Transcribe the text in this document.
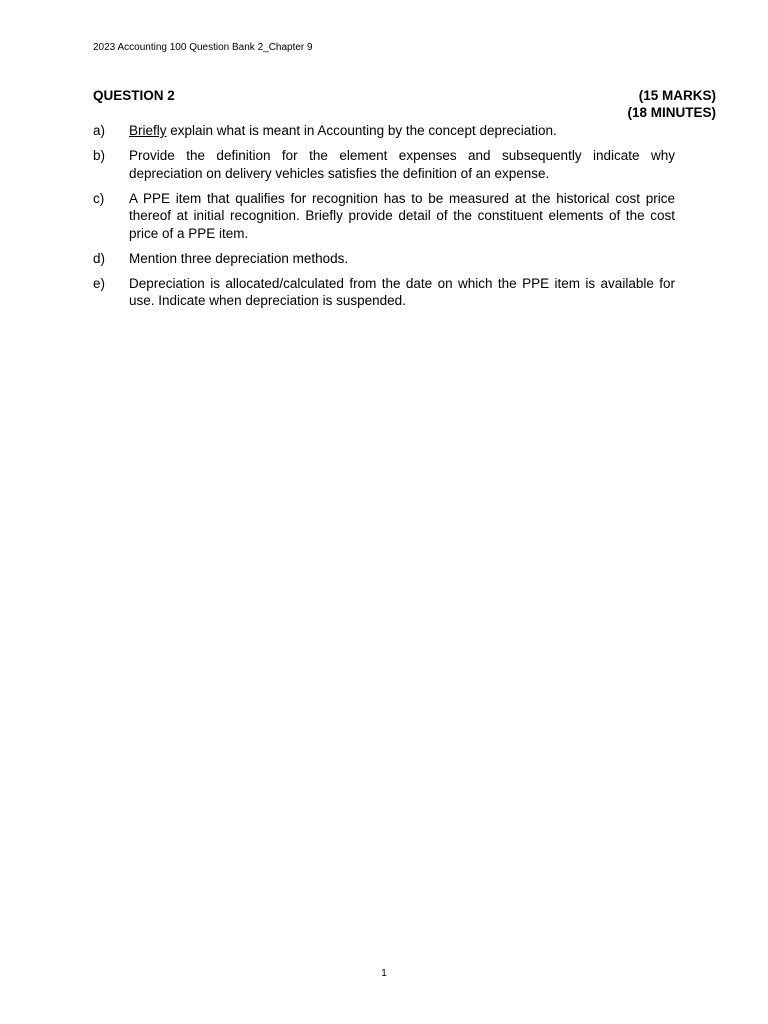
2023 Accounting 100 Question Bank 2_Chapter 9
QUESTION 2	(15 MARKS)
(18 MINUTES)
a)	Briefly explain what is meant in Accounting by the concept depreciation.
b)	Provide the definition for the element expenses and subsequently indicate why depreciation on delivery vehicles satisfies the definition of an expense.
c)	A PPE item that qualifies for recognition has to be measured at the historical cost price thereof at initial recognition. Briefly provide detail of the constituent elements of the cost price of a PPE item.
d)	Mention three depreciation methods.
e)	Depreciation is allocated/calculated from the date on which the PPE item is available for use. Indicate when depreciation is suspended.
1
